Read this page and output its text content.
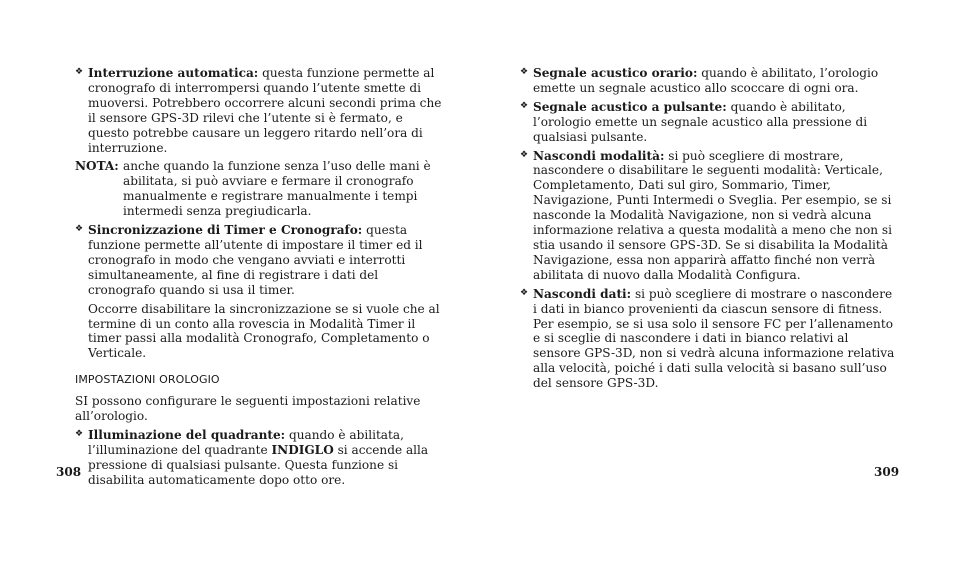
❖ Interruzione automatica: questa funzione permette al cronografo di interrompersi quando l’utente smette di muoversi. Potrebbero occorrere alcuni secondi prima che il sensore GPS-3D rilevi che l’utente si è fermato, e questo potrebbe causare un leggero ritardo nell’ora di interruzione.
NOTA: anche quando la funzione senza l’uso delle mani è abilitata, si può avviare e fermare il cronografo manualmente e registrare manualmente i tempi intermedi senza pregiudicarla.
❖ Sincronizzazione di Timer e Cronografo: questa funzione permette all’utente di impostare il timer ed il cronografo in modo che vengano avviati e interrotti simultaneamente, al fine di registrare i dati del cronografo quando si usa il timer.
Occorre disabilitare la sincronizzazione se si vuole che al termine di un conto alla rovescia in Modalità Timer il timer passi alla modalità Cronografo, Completamento o Verticale.
IMPOSTAZIONI OROLOGIO
SI possono configurare le seguenti impostazioni relative all’orologio.
❖ Illuminazione del quadrante: quando è abilitata, l’illuminazione del quadrante INDIGLO si accende alla pressione di qualsiasi pulsante. Questa funzione si disabilita automaticamente dopo otto ore.
❖ Segnale acustico orario: quando è abilitato, l’orologio emette un segnale acustico allo scoccare di ogni ora.
❖ Segnale acustico a pulsante: quando è abilitato, l’orologio emette un segnale acustico alla pressione di qualsiasi pulsante.
❖ Nascondi modalità: si può scegliere di mostrare, nascondere o disabilitare le seguenti modalità: Verticale, Completamento, Dati sul giro, Sommario, Timer, Navigazione, Punti Intermedi o Sveglia. Per esempio, se si nasconde la Modalità Navigazione, non si vedrà alcuna informazione relativa a questa modalità a meno che non si stia usando il sensore GPS-3D. Se si disabilita la Modalità Navigazione, essa non apparirà affatto finché non verrà abilitata di nuovo dalla Modalità Configura.
❖ Nascondi dati: si può scegliere di mostrare o nascondere i dati in bianco provenienti da ciascun sensore di fitness. Per esempio, se si usa solo il sensore FC per l’allenamento e si sceglie di nascondere i dati in bianco relativi al sensore GPS-3D, non si vedrà alcuna informazione relativa alla velocità, poiché i dati sulla velocità si basano sull’uso del sensore GPS-3D.
308	309
